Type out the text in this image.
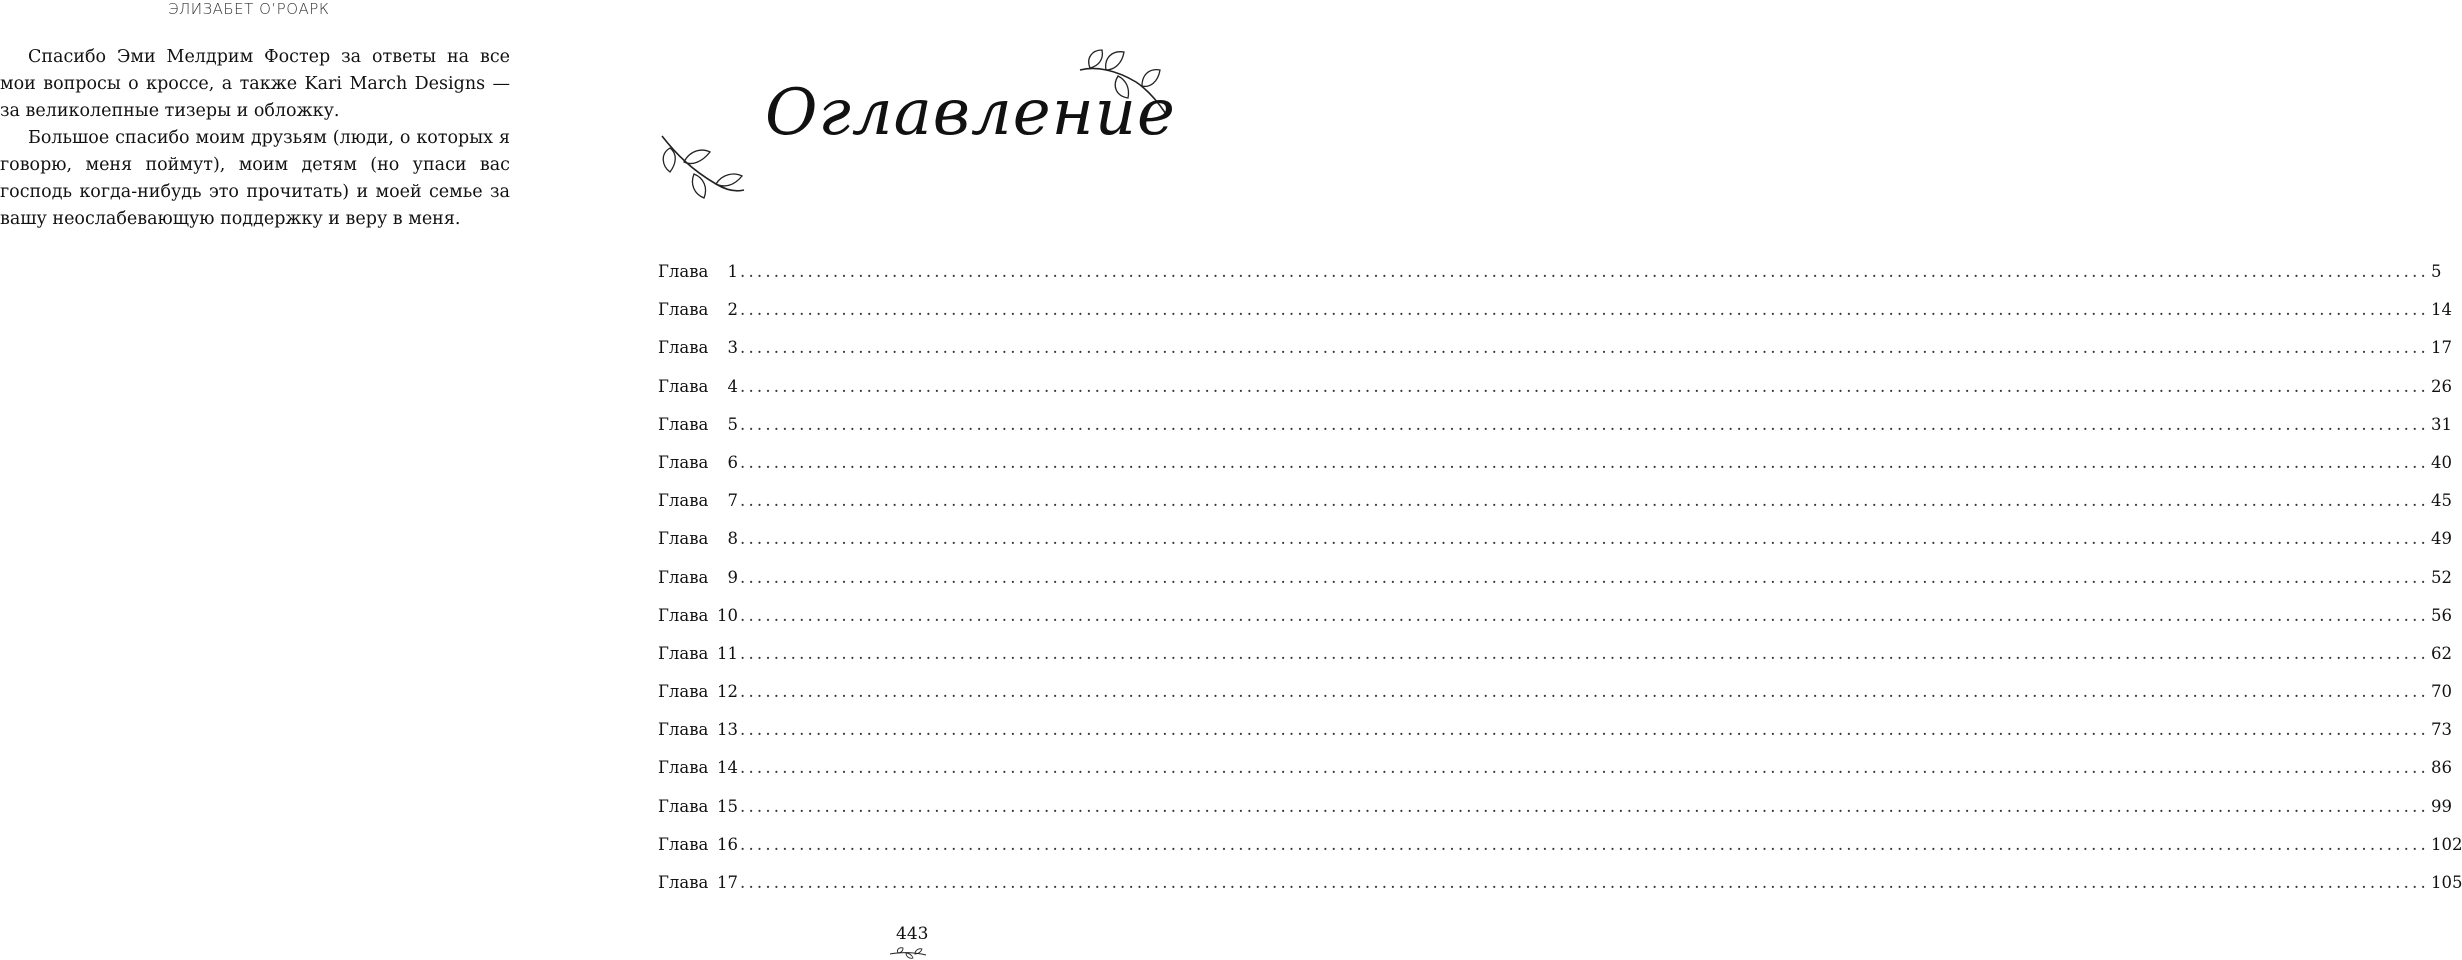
ЭЛИЗАБЕТ О’РОАРК

Спасибо Эми Мелдрим Фостер за ответы на все мои вопросы о кроссе, а также Kari March Designs — за великолепные тизеры и обложку.

Большое спасибо моим друзьям (люди, о которых я говорю, меня поймут), моим детям (но упаси вас господь когда-нибудь это прочитать) и моей семье за вашу неослабевающую поддержку и веру в меня.

Оглавление
Глава	1 ........................................................................................................................................................................................................ 5
Глава	2 ........................................................................................................................................................................................................ 14
Глава	3 ........................................................................................................................................................................................................ 17
Глава	4 ........................................................................................................................................................................................................ 26
Глава	5 ........................................................................................................................................................................................................ 31
Глава	6 ........................................................................................................................................................................................................ 40
Глава	7 ........................................................................................................................................................................................................ 45
Глава	8 ........................................................................................................................................................................................................ 49
Глава	9 ........................................................................................................................................................................................................ 52
Глава 10 ........................................................................................................................................................................................................ 56
Глава 11 ........................................................................................................................................................................................................ 62
Глава 12 ........................................................................................................................................................................................................ 70
Глава 13 ........................................................................................................................................................................................................ 73
Глава 14 ........................................................................................................................................................................................................ 86
Глава 15 ........................................................................................................................................................................................................ 99
Глава 16 ........................................................................................................................................................................................................ 102
Глава 17 ........................................................................................................................................................................................................ 105
443
